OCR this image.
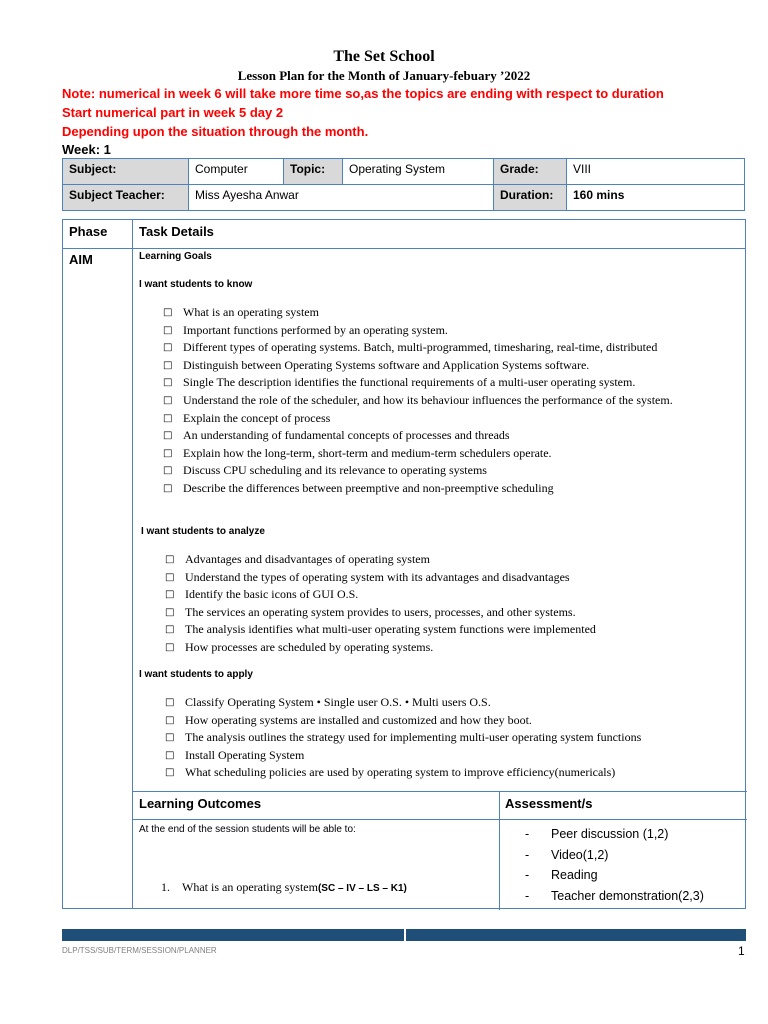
The Set School
Lesson Plan for the Month of January-febuary ’2022
Note: numerical in week 6 will take more time so,as the topics are ending with respect to duration
Start numerical part in week 5 day 2
Depending upon the situation through the month.
Week: 1
Subject:	Computer	Topic:	Operating System	Grade:	VIII
Subject Teacher:	Miss Ayesha Anwar			Duration:	160 mins
Phase Task Details
AIM	Learning Goals
I want students to know
□ What is an operating system
□ Important functions performed by an operating system.
□ Different types of operating systems. Batch, multi-programmed, timesharing, real-time, distributed
□ Distinguish between Operating Systems software and Application Systems software.
□ Single The description identifies the functional requirements of a multi-user operating system.
□ Understand the role of the scheduler, and how its behaviour influences the performance of the system.
□ Explain the concept of process
□ An understanding of fundamental concepts of processes and threads
□ Explain how the long-term, short-term and medium-term schedulers operate.
□ Discuss CPU scheduling and its relevance to operating systems
□ Describe the differences between preemptive and non-preemptive scheduling
I want students to analyze
□ Advantages and disadvantages of operating system
□ Understand the types of operating system with its advantages and disadvantages
□ Identify the basic icons of GUI O.S.
□ The services an operating system provides to users, processes, and other systems.
□ The analysis identifies what multi-user operating system functions were implemented
□ How processes are scheduled by operating systems.
I want students to apply
□ Classify Operating System • Single user O.S. • Multi users O.S.
□ How operating systems are installed and customized and how they boot.
□ The analysis outlines the strategy used for implementing multi-user operating system functions
□ Install Operating System
□ What scheduling policies are used by operating system to improve efficiency(numericals)
Learning Outcomes	Assessment/s
At the end of the session students will be able to:
1. What is an operating system(SC – IV – LS – K1)
- Peer discussion (1,2)
- Video(1,2)
- Reading
- Teacher demonstration(2,3)
DLP/TSS/SUB/TERM/SESSION/PLANNER	1
